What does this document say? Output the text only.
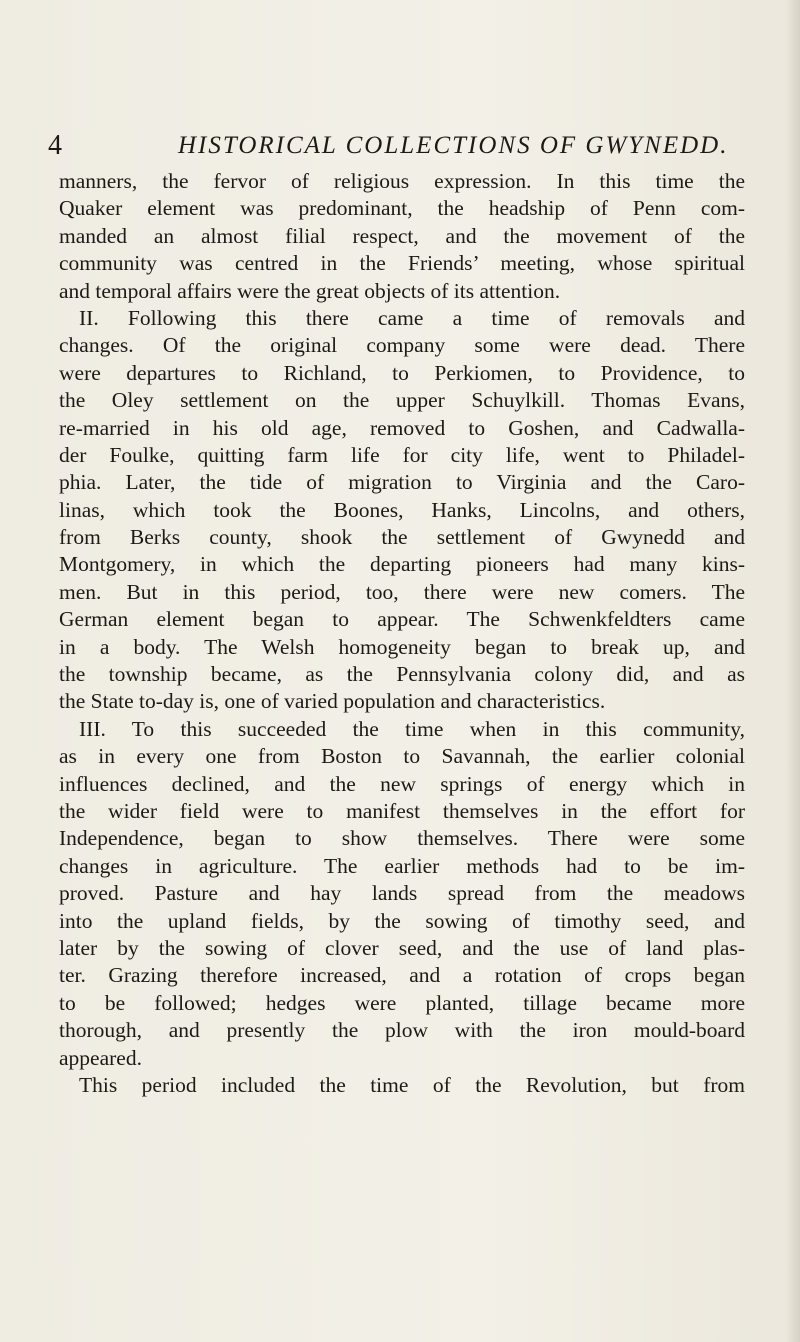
4	HISTORICAL COLLECTIONS OF GWYNEDD.
manners, the fervor of religious expression. In this time the
Quaker element was predominant, the headship of Penn com-
manded an almost filial respect, and the movement of the
community was centred in the Friends’ meeting, whose spiritual
and temporal affairs were the great objects of its attention.
II. Following this there came a time of removals and
changes. Of the original company some were dead. There
were departures to Richland, to Perkiomen, to Providence, to
the Oley settlement on the upper Schuylkill. Thomas Evans,
re-married in his old age, removed to Goshen, and Cadwalla-
der Foulke, quitting farm life for city life, went to Philadel-
phia. Later, the tide of migration to Virginia and the Caro-
linas, which took the Boones, Hanks, Lincolns, and others,
from Berks county, shook the settlement of Gwynedd and
Montgomery, in which the departing pioneers had many kins-
men. But in this period, too, there were new comers. The
German element began to appear. The Schwenkfeldters came
in a body. The Welsh homogeneity began to break up, and
the township became, as the Pennsylvania colony did, and as
the State to-day is, one of varied population and characteristics.
III. To this succeeded the time when in this community,
as in every one from Boston to Savannah, the earlier colonial
influences declined, and the new springs of energy which in
the wider field were to manifest themselves in the effort for
Independence, began to show themselves. There were some
changes in agriculture. The earlier methods had to be im-
proved. Pasture and hay lands spread from the meadows
into the upland fields, by the sowing of timothy seed, and
later by the sowing of clover seed, and the use of land plas-
ter. Grazing therefore increased, and a rotation of crops began
to be followed; hedges were planted, tillage became more
thorough, and presently the plow with the iron mould-board
appeared.
This period included the time of the Revolution, but from
